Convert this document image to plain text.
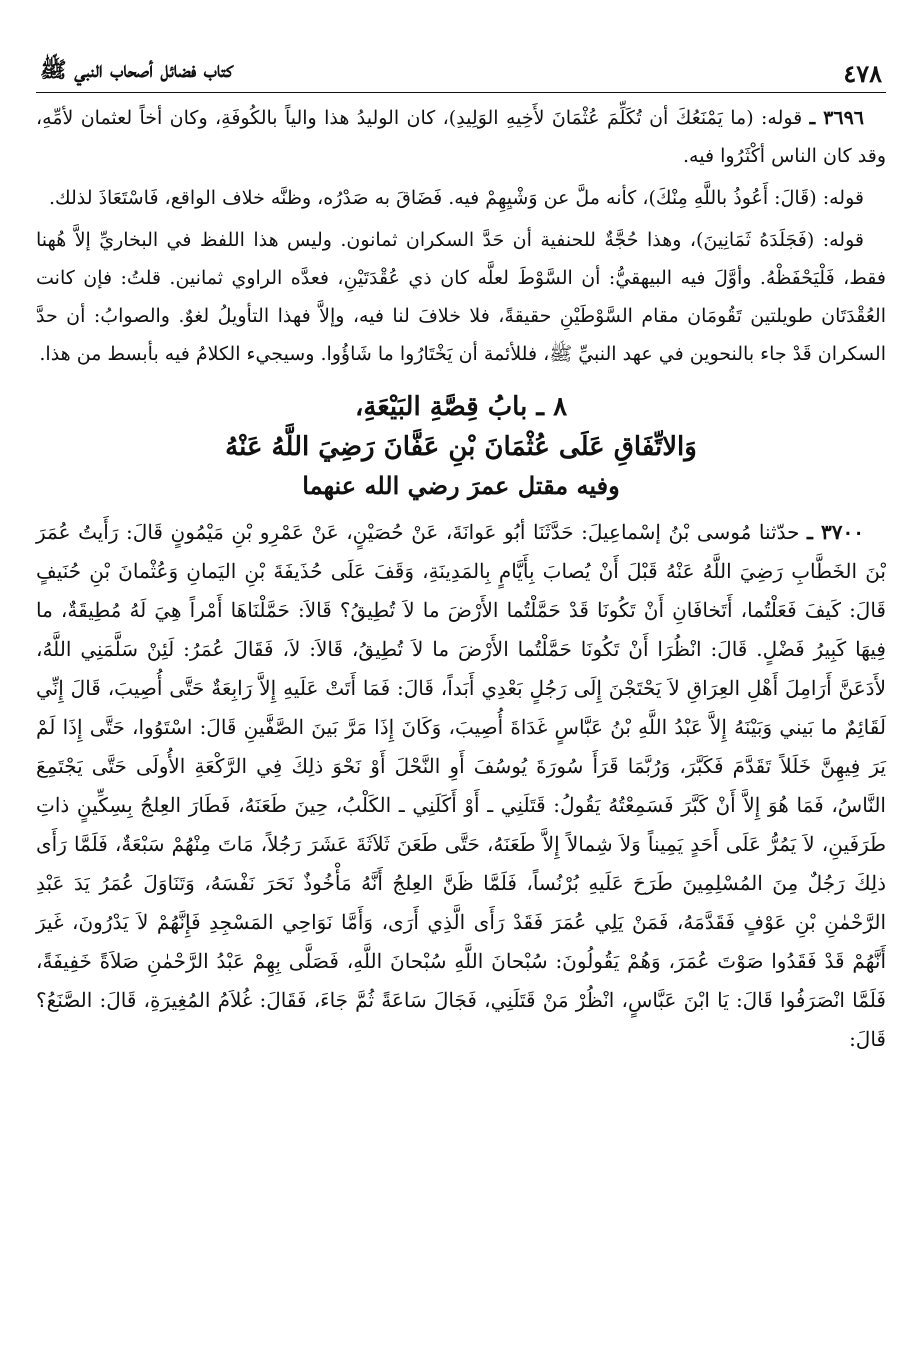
٤٧٨
كتاب فضائل أصحاب النبي ﷺ

٣٦٩٦ ـ قوله: (ما يَمْنَعُكَ أن تُكَلِّمَ عُثْمَانَ لأَخِيهِ الوَلِيدِ)، كان الوليدُ هذا والياً بالكُوفَةِ، وكان أخاً لعثمان لأمِّهِ، وقد كان الناس أكْثَرُوا فيه.

قوله: (قَالَ: أَعُوذُ باللَّهِ مِنْكَ)، كأنه ملَّ عن وَشْيِهِمْ فيه. فَضَاقَ به صَدْرُه، وظنَّه خلاف الواقع، فَاسْتَعَاذَ لذلك.

قوله: (فَجَلَدَهُ ثَمَانِينَ)، وهذا حُجَّةٌ للحنفية أن حَدَّ السكران ثمانون. وليس هذا اللفظ في البخاريِّ إلاَّ هُهنا فقط، فَلْيَحْفَظْهُ. وأوَّلَ فيه البيهقيُّ: أن السَّوْطَ لعلَّه كان ذي عُقْدَتَيْنِ، فعدَّه الراوي ثمانين. قلتُ: فإن كانت العُقْدَتَان طويلتين تَقُومَان مقام السَّوْطَيْنِ حقيقةً، فلا خلافَ لنا فيه، وإلاَّ فهذا التأويلُ لغوٌ. والصوابُ: أن حدَّ السكران قَدْ جاء بالنحوين في عهد النبيِّ ﷺ، فللأئمة أن يَخْتَارُوا ما شَاؤُوا. وسيجيء الكلامُ فيه بأبسط من هذا.

٨ ـ بابُ قِصَّةِ البَيْعَةِ،
وَالاتِّفَاقِ عَلَى عُثْمَانَ بْنِ عَفَّانَ رَضِيَ اللَّهُ عَنْهُ
وفيه مقتل عمرَ رضي الله عنهما

٣٧٠٠ ـ حدّثنا مُوسى بْنُ إسْماعِيلَ: حَدَّثَنَا أبُو عَوانَةَ، عَنْ حُصَيْنٍ، عَنْ عَمْرِو بْنِ مَيْمُونٍ قَالَ: رَأَيتُ عُمَرَ بْنَ الخَطَّابِ رَضِيَ اللَّهُ عَنْهُ قَبْلَ أَنْ يُصابَ بِأَيَّامٍ بِالمَدِينَةِ، وَقَفَ عَلَى حُذَيفَةَ بْنِ اليَمانِ وَعُثْمانَ بْنِ حُنَيفٍ قَالَ: كَيفَ فَعَلْتُما، أَتَخافَانِ أَنْ تَكُونَا قَدْ حَمَّلْتُما الأَرْضَ ما لاَ تُطِيقُ؟ قَالاَ: حَمَّلْنَاهَا أَمْراً هِيَ لَهُ مُطِيقَةٌ، ما فِيهَا كَبِيرُ فَضْلٍ. قَالَ: انْظُرَا أَنْ تَكُونَا حَمَّلْتُما الأَرْضَ ما لاَ تُطِيقُ، قَالاَ: لاَ، فَقَالَ عُمَرُ: لَئِنْ سَلَّمَنِي اللَّهُ، لأَدَعَنَّ أَرَامِلَ أَهْلِ العِرَاقِ لاَ يَحْتَجْنَ إِلَى رَجُلٍ بَعْدِي أَبَداً، قَالَ: فَمَا أَتَتْ عَلَيهِ إِلاَّ رَابِعَةٌ حَتَّى أُصِيبَ، قَالَ إِنِّي لَقَائِمٌ ما بَيني وَبَيْنَهُ إِلاَّ عَبْدُ اللَّهِ بْنُ عَبَّاسٍ غَدَاةَ أُصِيبَ، وَكَانَ إِذَا مَرَّ بَينَ الصَّفَّينِ قَالَ: اسْتَوُوا، حَتَّى إِذَا لَمْ يَرَ فِيهِنَّ خَلَلاً تَقَدَّمَ فَكَبَّرَ، وَرُبَّمَا قَرَأَ سُورَةَ يُوسُفَ أَوِ النَّحْلَ أَوْ نَحْوَ ذلِكَ فِي الرَّكْعَةِ الأُولَى حَتَّى يَجْتَمِعَ النَّاسُ، فَمَا هُوَ إِلاَّ أَنْ كَبَّرَ فَسَمِعْتُهُ يَقُولُ: قَتَلَنِي ـ أَوْ أَكَلَنِي ـ الكَلْبُ، حِينَ طَعَنَهُ، فَطَارَ العِلجُ بِسِكِّينٍ ذاتِ طَرَفَينِ، لاَ يَمُرُّ عَلَى أَحَدٍ يَمِيناً وَلاَ شِمالاً إِلاَّ طَعَنَهُ، حَتَّى طَعَنَ ثَلاَثَةَ عَشَرَ رَجُلاً، مَاتَ مِنْهُمْ سَبْعَةٌ، فَلَمَّا رَأَى ذلِكَ رَجُلٌ مِنَ المُسْلِمِينَ طَرَحَ عَلَيهِ بُرْنُساً، فَلَمَّا ظَنَّ العِلجُ أَنَّهُ مَأْخُوذٌ نَحَرَ نَفْسَهُ، وَتَنَاوَلَ عُمَرُ يَدَ عَبْدِ الرَّحْمٰنِ بْنِ عَوْفٍ فَقَدَّمَهُ، فَمَنْ يَلِي عُمَرَ فَقَدْ رَأَى الَّذِي أَرَى، وَأَمَّا نَوَاحِي المَسْجِدِ فَإِنَّهُمْ لاَ يَدْرُونَ، غَيرَ أَنَّهُمْ قَدْ فَقَدُوا صَوْتَ عُمَرَ، وَهُمْ يَقُولُونَ: سُبْحانَ اللَّهِ سُبْحانَ اللَّهِ، فَصَلَّى بِهِمْ عَبْدُ الرَّحْمٰنِ صَلاَةً خَفِيفَةً، فَلَمَّا انْصَرَفُوا قَالَ: يَا ابْنَ عَبَّاسٍ، انْظُرْ مَنْ قَتَلَنِي، فَجَالَ سَاعَةً ثُمَّ جَاءَ، فَقَالَ: غُلاَمُ المُغِيرَةِ، قَالَ: الصَّنَعُ؟ قَالَ:
